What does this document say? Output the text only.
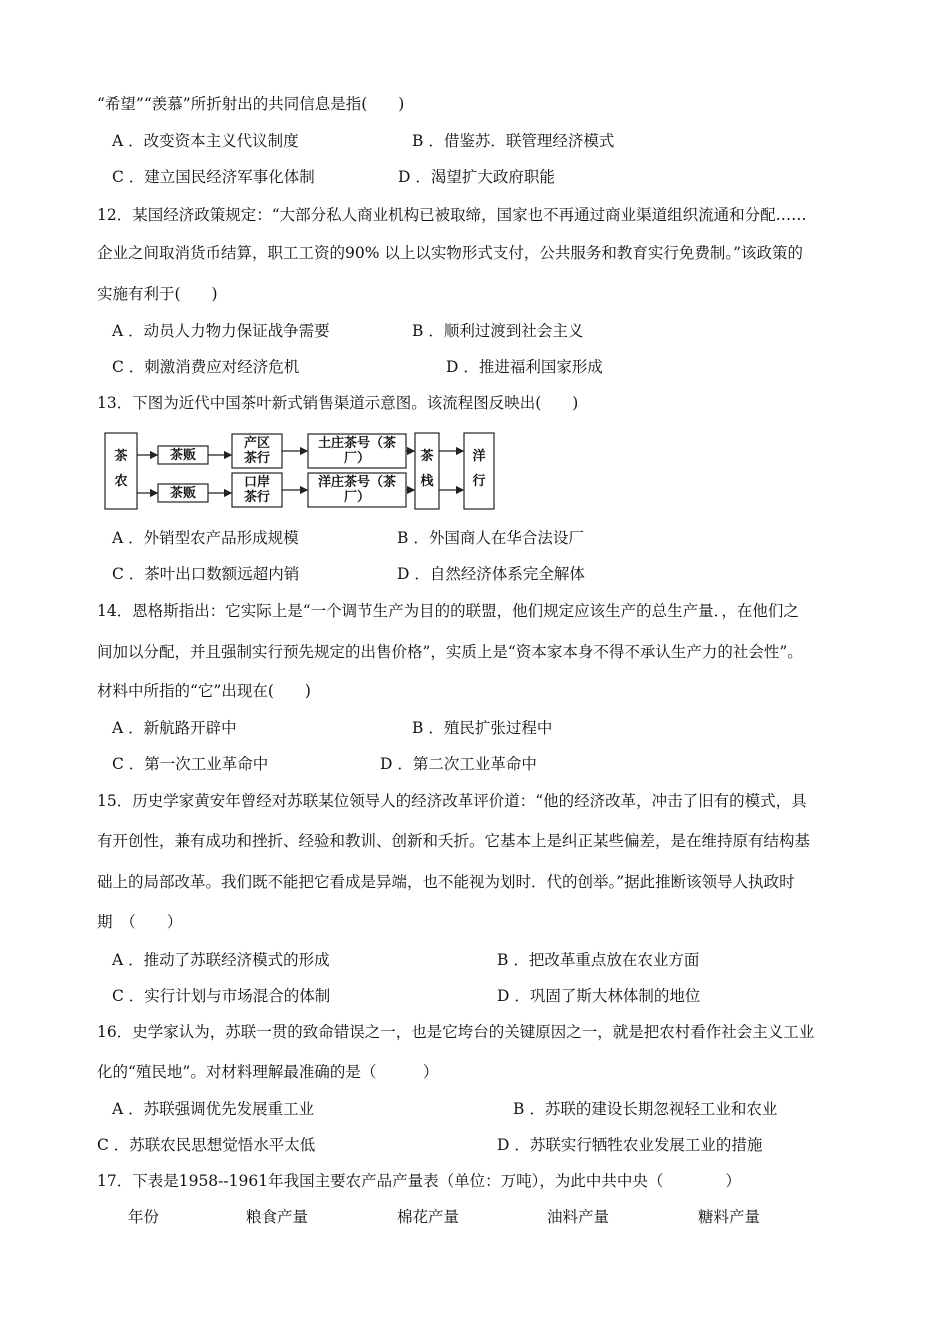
“希望”“羡慕”所折射出的共同信息是指(　　)
A ．改变资本主义代议制度	B ．借鉴苏．联管理经济模式
C ．建立国民经济军事化体制	D ．渴望扩大政府职能
12．某国经济政策规定：“大部分私人商业机构已被取缔，国家也不再通过商业渠道组织流通和分配……
企业之间取消货币结算，职工工资的90% 以上以实物形式支付，公共服务和教育实行免费制。”该政策的
实施有利于(　　)
A ．动员人力物力保证战争需要	B ．顺利过渡到社会主义
C ．刺激消费应对经济危机	D ．推进福利国家形成
13．下图为近代中国茶叶新式销售渠道示意图。该流程图反映出(　　)
茶农
茶贩
茶贩
产区茶行
口岸茶行
土庄茶号（茶厂）
洋庄茶号（茶厂）
茶栈
洋行
A ．外销型农产品形成规模	B ．外国商人在华合法设厂
C ．茶叶出口数额远超内销	D ．自然经济体系完全解体
14．恩格斯指出：它实际上是“一个调节生产为目的的联盟，他们规定应该生产的总生产量．，在他们之
间加以分配，并且强制实行预先规定的出售价格”，实质上是“资本家本身不得不承认生产力的社会性”。
材料中所指的“它”出现在(　　)
A ．新航路开辟中	B ．殖民扩张过程中
C ．第一次工业革命中	D ．第二次工业革命中
15．历史学家黄安年曾经对苏联某位领导人的经济改革评价道：“他的经济改革，冲击了旧有的模式，具
有开创性，兼有成功和挫折、经验和教训、创新和夭折。它基本上是纠正某些偏差，是在维持原有结构基
础上的局部改革。我们既不能把它看成是异端，也不能视为划时．代的创举。”据此推断该领导人执政时
期　（　　）
A ．推动了苏联经济模式的形成	B ．把改革重点放在农业方面
C ．实行计划与市场混合的体制	D ．巩固了斯大林体制的地位
16．史学家认为，苏联一贯的致命错误之一，也是它垮台的关键原因之一，就是把农村看作社会主义工业
化的“殖民地”。对材料理解最准确的是（　　　）
A ．苏联强调优先发展重工业	B ．苏联的建设长期忽视轻工业和农业
C ．苏联农民思想觉悟水平太低	D ．苏联实行牺牲农业发展工业的措施
17．下表是1958--1961年我国主要农产品产量表（单位：万吨），为此中共中央（　　　　）
年份	粮食产量	棉花产量	油料产量	糖料产量
